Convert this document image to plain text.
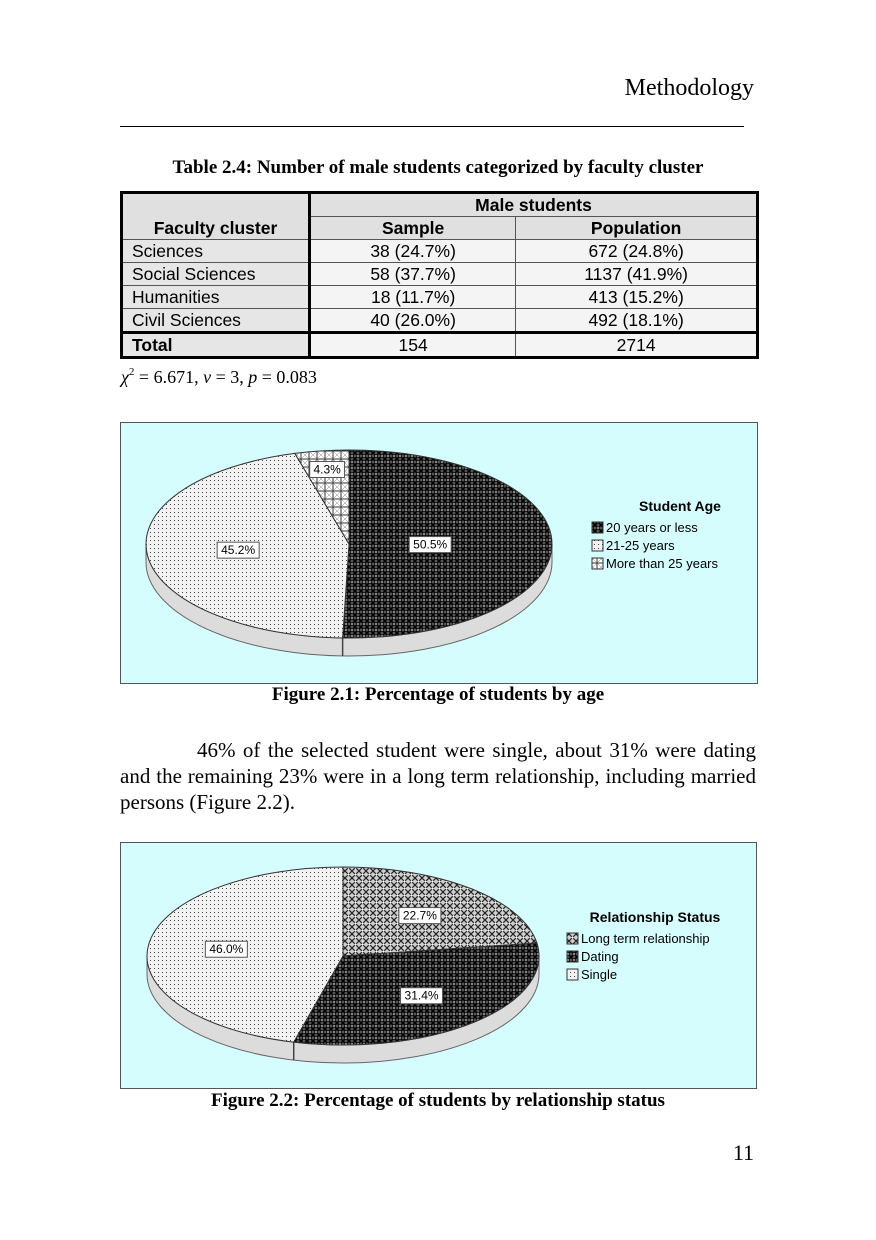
Methodology
Table 2.4: Number of male students categorized by faculty cluster
Faculty cluster	Male students	
	Sample	Population
Sciences	38 (24.7%)	672 (24.8%)
Social Sciences	58 (37.7%)	1137 (41.9%)
Humanities	18 (11.7%)	413 (15.2%)
Civil Sciences	40 (26.0%)	492 (18.1%)
Total	154	2714
$\chi^2 = 6.671$, v = 3, p = 0.083
50.5%
45.2%
4.3%
Student Age
20 years or less
21-25 years
More than 25 years
Figure 2.1: Percentage of students by age
46% of the selected student were single, about 31% were dating and the remaining 23% were in a long term relationship, including married persons (Figure 2.2).
22.7%
31.4%
46.0%
Relationship Status
Long term relationship
Dating
Single
Figure 2.2: Percentage of students by relationship status
11
